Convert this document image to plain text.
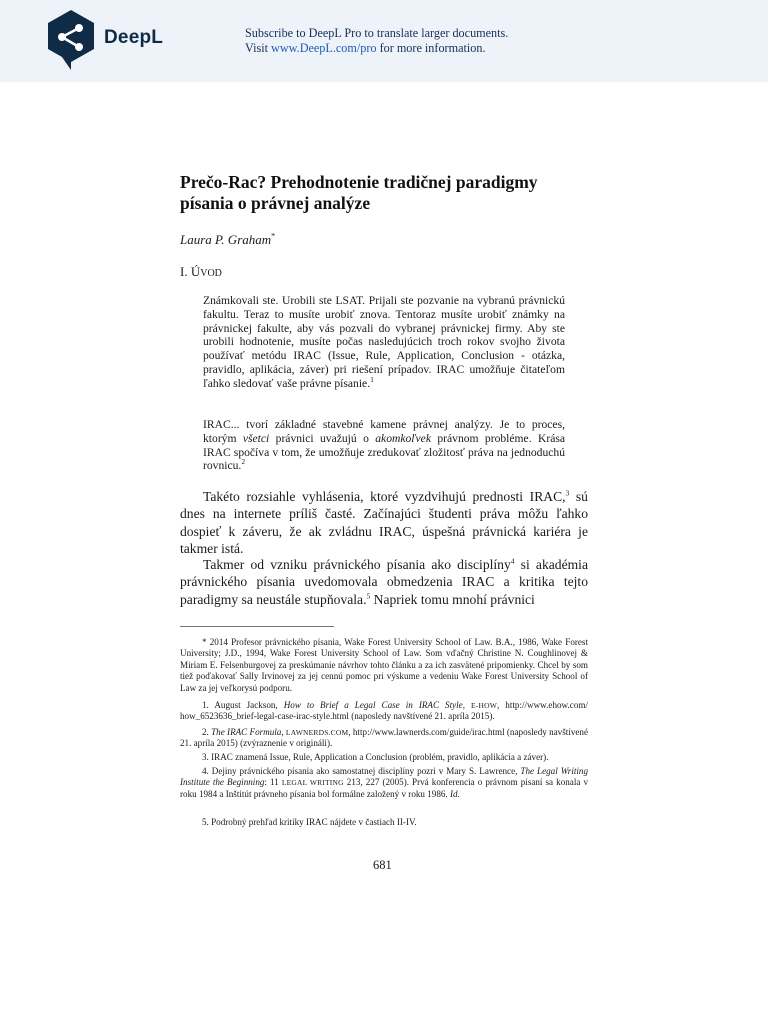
DeepL	Subscribe to DeepL Pro to translate larger documents.
Visit www.DeepL.com/pro for more information.
Prečo-Rac? Prehodnotenie tradičnej paradigmy písania o právnej analýze
Laura P. Graham*
I. ÚVOD
Známkovali ste. Urobili ste LSAT. Prijali ste pozvanie na vybranú právnickú fakultu. Teraz to musíte urobiť znova. Tentoraz musíte urobiť známky na právnickej fakulte, aby vás pozvali do vybranej právnickej firmy. Aby ste urobili hodnotenie, musíte počas nasledujúcich troch rokov svojho života používať metódu IRAC (Issue, Rule, Application, Conclusion - otázka, pravidlo, aplikácia, záver) pri riešení prípadov. IRAC umožňuje čitateľom ľahko sledovať vaše právne písanie.$^1$
IRAC... tvorí základné stavebné kamene právnej analýzy. Je to proces, ktorým všetci právnici uvažujú o akomkoľvek právnom probléme. Krása IRAC spočíva v tom, že umožňuje zredukovať zložitosť práva na jednoduchú rovnicu.$^2$
Takéto rozsiahle vyhlásenia, ktoré vyzdvihujú prednosti IRAC,$^3$ sú dnes na internete príliš časté. Začínajúci študenti práva môžu ľahko dospieť k záveru, že ak zvládnu IRAC, úspešná právnická kariéra je takmer istá.
Takmer od vzniku právnického písania ako disciplíny$^4$ si akadémia právnického písania uvedomovala obmedzenia IRAC a kritika tejto paradigmy sa neustále stupňovala.$^5$ Napriek tomu mnohí právnici
* 2014 Profesor právnického písania, Wake Forest University School of Law. B.A., 1986, Wake Forest University; J.D., 1994, Wake Forest University School of Law. Som vďačný Christine N. Coughlinovej & Miriam E. Felsenburgovej za preskúmanie návrhov tohto článku a za ich zasvätené pripomienky. Chcel by som tiež poďakovať Sally Irvinovej za jej cennú pomoc pri výskume a vedeniu Wake Forest University School of Law za jej veľkorysú podporu.
1. August Jackson, How to Brief a Legal Case in IRAC Style, E-HOW, http://www.ehow.com/ how_6523636_brief-legal-case-irac-style.html (naposledy navštívené 21. apríla 2015).
2. The IRAC Formula, LAWNERDS.COM, http://www.lawnerds.com/guide/irac.html (naposledy navštívené 21. apríla 2015) (zvýraznenie v origináli).
3. IRAC znamená Issue, Rule, Application a Conclusion (problém, pravidlo, aplikácia a záver).
4. Dejiny právnického písania ako samostatnej disciplíny pozri v Mary S. Lawrence, The Legal Writing Institute the Beginning: 11 LEGAL WRITING 213, 227 (2005). Prvá konferencia o právnom písaní sa konala v roku 1984 a Inštitút právneho písania bol formálne založený v roku 1986. Id.
5. Podrobný prehľad kritiky IRAC nájdete v častiach II-IV.
681
